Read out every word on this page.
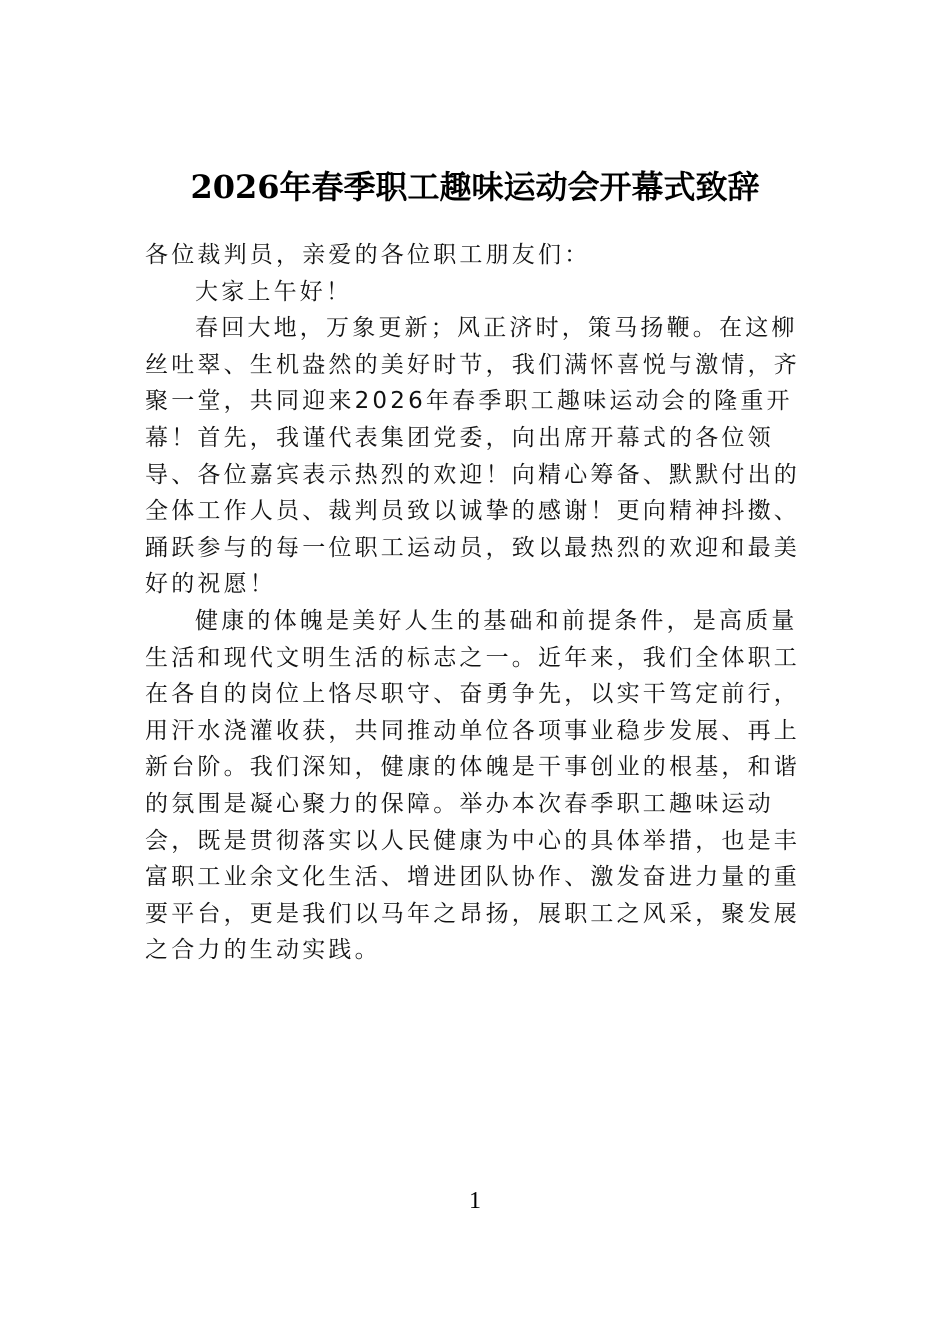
2026年春季职工趣味运动会开幕式致辞
各位裁判员，亲爱的各位职工朋友们：
大家上午好！
春回大地，万象更新；风正济时，策马扬鞭。在这柳
丝吐翠、生机盎然的美好时节，我们满怀喜悦与激情，齐
聚一堂，共同迎来2026年春季职工趣味运动会的隆重开
幕！首先，我谨代表集团党委，向出席开幕式的各位领
导、各位嘉宾表示热烈的欢迎！向精心筹备、默默付出的
全体工作人员、裁判员致以诚挚的感谢！更向精神抖擞、
踊跃参与的每一位职工运动员，致以最热烈的欢迎和最美
好的祝愿！
健康的体魄是美好人生的基础和前提条件，是高质量
生活和现代文明生活的标志之一。近年来，我们全体职工
在各自的岗位上恪尽职守、奋勇争先，以实干笃定前行，
用汗水浇灌收获，共同推动单位各项事业稳步发展、再上
新台阶。我们深知，健康的体魄是干事创业的根基，和谐
的氛围是凝心聚力的保障。举办本次春季职工趣味运动
会，既是贯彻落实以人民健康为中心的具体举措，也是丰
富职工业余文化生活、增进团队协作、激发奋进力量的重
要平台，更是我们以马年之昂扬，展职工之风采，聚发展
之合力的生动实践。
1
